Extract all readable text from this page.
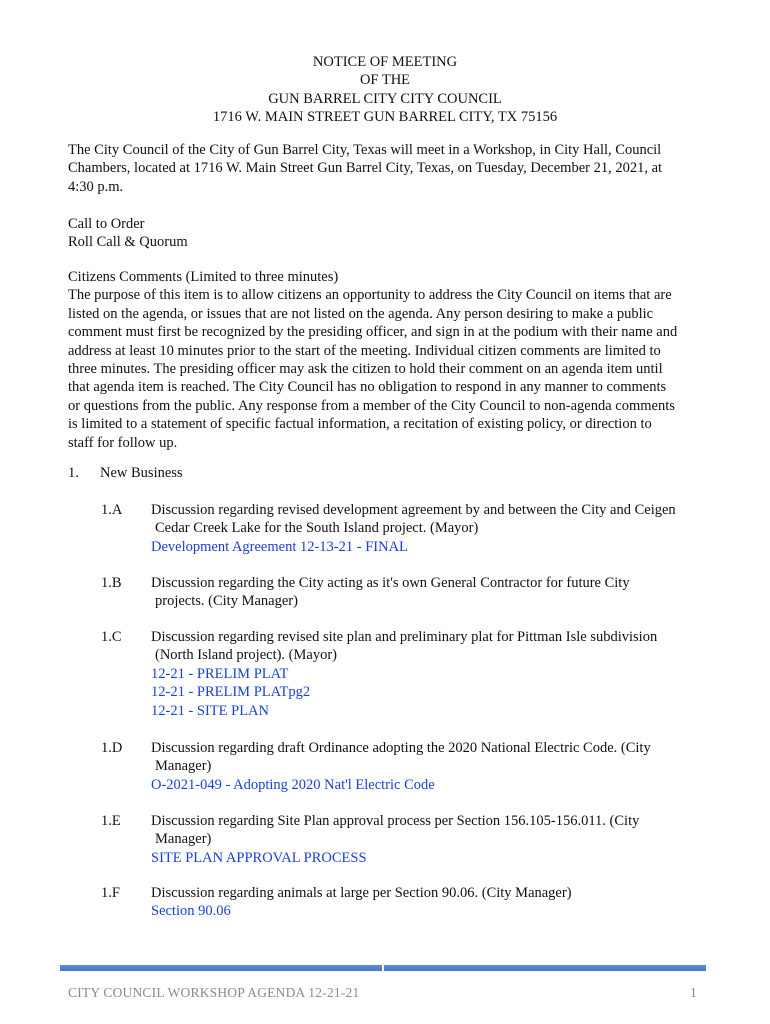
NOTICE OF MEETING
OF THE
GUN BARREL CITY CITY COUNCIL
1716 W. MAIN STREET GUN BARREL CITY, TX 75156
The City Council of the City of Gun Barrel City, Texas will meet in a Workshop, in City Hall, Council
Chambers, located at 1716 W. Main Street Gun Barrel City, Texas, on Tuesday, December 21, 2021, at
4:30 p.m.
Call to Order
Roll Call & Quorum
Citizens Comments (Limited to three minutes)
The purpose of this item is to allow citizens an opportunity to address the City Council on items that are
listed on the agenda, or issues that are not listed on the agenda. Any person desiring to make a public
comment must first be recognized by the presiding officer, and sign in at the podium with their name and
address at least 10 minutes prior to the start of the meeting. Individual citizen comments are limited to
three minutes. The presiding officer may ask the citizen to hold their comment on an agenda item until
that agenda item is reached. The City Council has no obligation to respond in any manner to comments
or questions from the public. Any response from a member of the City Council to non-agenda comments
is limited to a statement of specific factual information, a recitation of existing policy, or direction to
staff for follow up.
1. New Business
1.A Discussion regarding revised development agreement by and between the City and Ceigen
Cedar Creek Lake for the South Island project. (Mayor)
Development Agreement 12-13-21 - FINAL
1.B Discussion regarding the City acting as it's own General Contractor for future City
projects. (City Manager)
1.C Discussion regarding revised site plan and preliminary plat for Pittman Isle subdivision
(North Island project). (Mayor)
12-21 - PRELIM PLAT
12-21 - PRELIM PLATpg2
12-21 - SITE PLAN
1.D Discussion regarding draft Ordinance adopting the 2020 National Electric Code. (City
Manager)
O-2021-049 - Adopting 2020 Nat'l Electric Code
1.E Discussion regarding Site Plan approval process per Section 156.105-156.011. (City
Manager)
SITE PLAN APPROVAL PROCESS
1.F Discussion regarding animals at large per Section 90.06. (City Manager)
Section 90.06
CITY COUNCIL WORKSHOP AGENDA 12-21-21	1
